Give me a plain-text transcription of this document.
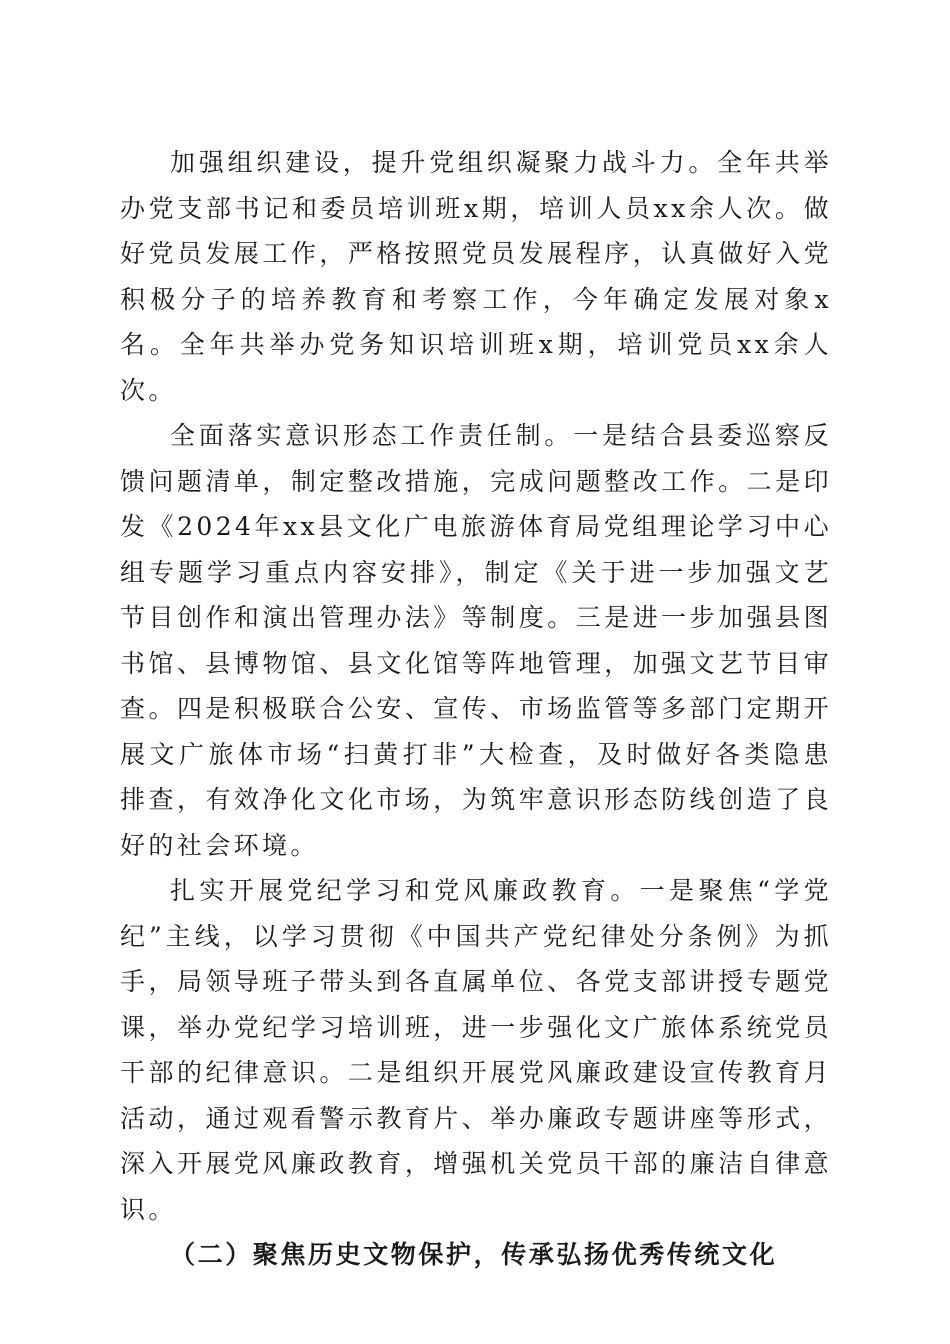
加强组织建设，提升党组织凝聚力战斗力。全年共举办党支部书记和委员培训班x期，培训人员xx余人次。做好党员发展工作，严格按照党员发展程序，认真做好入党积极分子的培养教育和考察工作，今年确定发展对象x名。全年共举办党务知识培训班x期，培训党员xx余人次。

全面落实意识形态工作责任制。一是结合县委巡察反馈问题清单，制定整改措施，完成问题整改工作。二是印发《2024年xx县文化广电旅游体育局党组理论学习中心组专题学习重点内容安排》，制定《关于进一步加强文艺节目创作和演出管理办法》等制度。三是进一步加强县图书馆、县博物馆、县文化馆等阵地管理，加强文艺节目审查。四是积极联合公安、宣传、市场监管等多部门定期开展文广旅体市场“扫黄打非”大检查，及时做好各类隐患排查，有效净化文化市场，为筑牢意识形态防线创造了良好的社会环境。

扎实开展党纪学习和党风廉政教育。一是聚焦“学党纪”主线，以学习贯彻《中国共产党纪律处分条例》为抓手，局领导班子带头到各直属单位、各党支部讲授专题党课，举办党纪学习培训班，进一步强化文广旅体系统党员干部的纪律意识。二是组织开展党风廉政建设宣传教育月活动，通过观看警示教育片、举办廉政专题讲座等形式，深入开展党风廉政教育，增强机关党员干部的廉洁自律意识。

（二）聚焦历史文物保护，传承弘扬优秀传统文化
